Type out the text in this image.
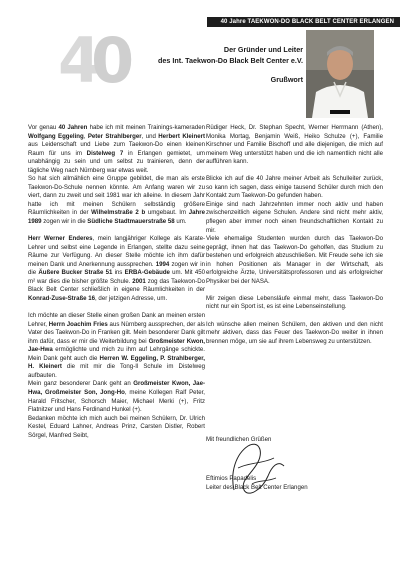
40 Jahre TAEKWON-DO BLACK BELT CENTER ERLANGEN
4
0	Der Gründer und Leiter
des Int. Taekwon-Do Black Belt Center e.V.
Grußwort

Vor genau 40 Jahren habe ich mit meinen Trainings-kameraden Wolfgang Eggeling, Peter Strahlberger, und Herbert Kleinert aus Leidenschaft und Liebe zum Taekwon-Do einen kleinen Raum für uns im Distelweg 7 in Erlangen gemietet, um unabhängig zu sein und um selbst zu trainieren, denn der tägliche Weg nach Nürnberg war etwas weit.
So hat sich allmählich eine Gruppe gebildet, die man als erste Taekwon-Do-Schule nennen könnte. Am Anfang waren wir zu viert, dann zu zweit und seit 1981 war ich alleine. In diesem Jahr hatte ich mit meinen Schülern selbständig größere Räumlichkeiten in der Wilhelmstraße 2 b umgebaut. Im Jahre 1989 zogen wir in die Südliche Stadtmauerstraße 58 um.

Herr Werner Enderes, mein langjähriger Kollege als Karate-Lehrer und selbst eine Legende in Erlangen, stellte dazu seine Räume zur Verfügung. An dieser Stelle möchte ich ihm dafür meinen Dank und Anerkennung aussprechen. 1994 zogen wir in die Äußere Bucker Straße 51 ins ERBA-Gebäude um. Mit 450 m² war dies die bisher größte Schule. 2001 zog das Taekwon-Do Black Belt Center schließlich in eigene Räumlichkeiten in der Konrad-Zuse-Straße 16, der jetzigen Adresse, um.

Ich möchte an dieser Stelle einen großen Dank an meinen ersten Lehrer, Herrn Joachim Fries aus Nürnberg aussprechen, der als Vater des Taekwon-Do in Franken gilt. Mein besonderer Dank gilt ihm dafür, dass er mir die Weiterbildung bei Großmeister Kwon, Jae-Hwa ermöglichte und mich zu ihm auf Lehrgänge schickte. Mein Dank geht auch die Herren W. Eggeling, P. Strahlberger, H. Kleinert die mit mir die Tong-Il Schule im Distelweg aufbauten.
Mein ganz besonderer Dank geht an Großmeister Kwon, Jae-Hwa, Großmeister Son, Jong-Ho, meine Kollegen Ralf Peter, Harald Fritscher, Schorsch Maier, Michael Merki (+), Fritz Flatnitzer und Hans Ferdinand Hunkel (+).
Bedanken möchte ich mich auch bei meinen Schülern, Dr. Ulrich Kestel, Eduard Lahner, Andreas Prinz, Carsten Distler, Robert Sörgel, Manfred Seibt,

Rüdiger Heck, Dr. Stephan Specht, Werner Herrmann (Athen), Monika Mortag, Benjamin Weiß, Heiko Schulze (+), Familie Kirschner und Familie Bischoff und alle diejenigen, die mich auf meinem Weg unterstützt haben und die ich namentlich nicht alle aufführen kann.

Blicke ich auf die 40 Jahre meiner Arbeit als Schulleiter zurück, so kann ich sagen, dass einige tausend Schüler durch mich den Kontakt zum Taekwon-Do gefunden haben.
Einige sind nach Jahrzehnten immer noch aktiv und haben zwischenzeitlich eigene Schulen. Andere sind nicht mehr aktiv, pflegen aber immer noch einen freundschaftlichen Kontakt zu mir.
Viele ehemalige Studenten wurden durch das Taekwon-Do geprägt, ihnen hat das Taekwon-Do geholfen, das Studium zu bestehen und erfolgreich abzuschließen. Mit Freude sehe ich sie in hohen Positionen als Manager in der Wirtschaft, als erfolgreiche Ärzte, Universitätsprofessoren und als erfolgreicher Physiker bei der NASA.

Mir zeigen diese Lebensläufe einmal mehr, dass Taekwon-Do nicht nur ein Sport ist, es ist eine Lebenseinstellung.

Ich wünsche allen meinen Schülern, den aktiven und den nicht mehr aktiven, dass das Feuer des Taekwon-Do weiter in ihnen brennen möge, um sie auf ihrem Lebensweg zu unterstützen.

Mit freundlichen Grüßen
Eftimios Papadelis
Leiter des Black Belt Center Erlangen
